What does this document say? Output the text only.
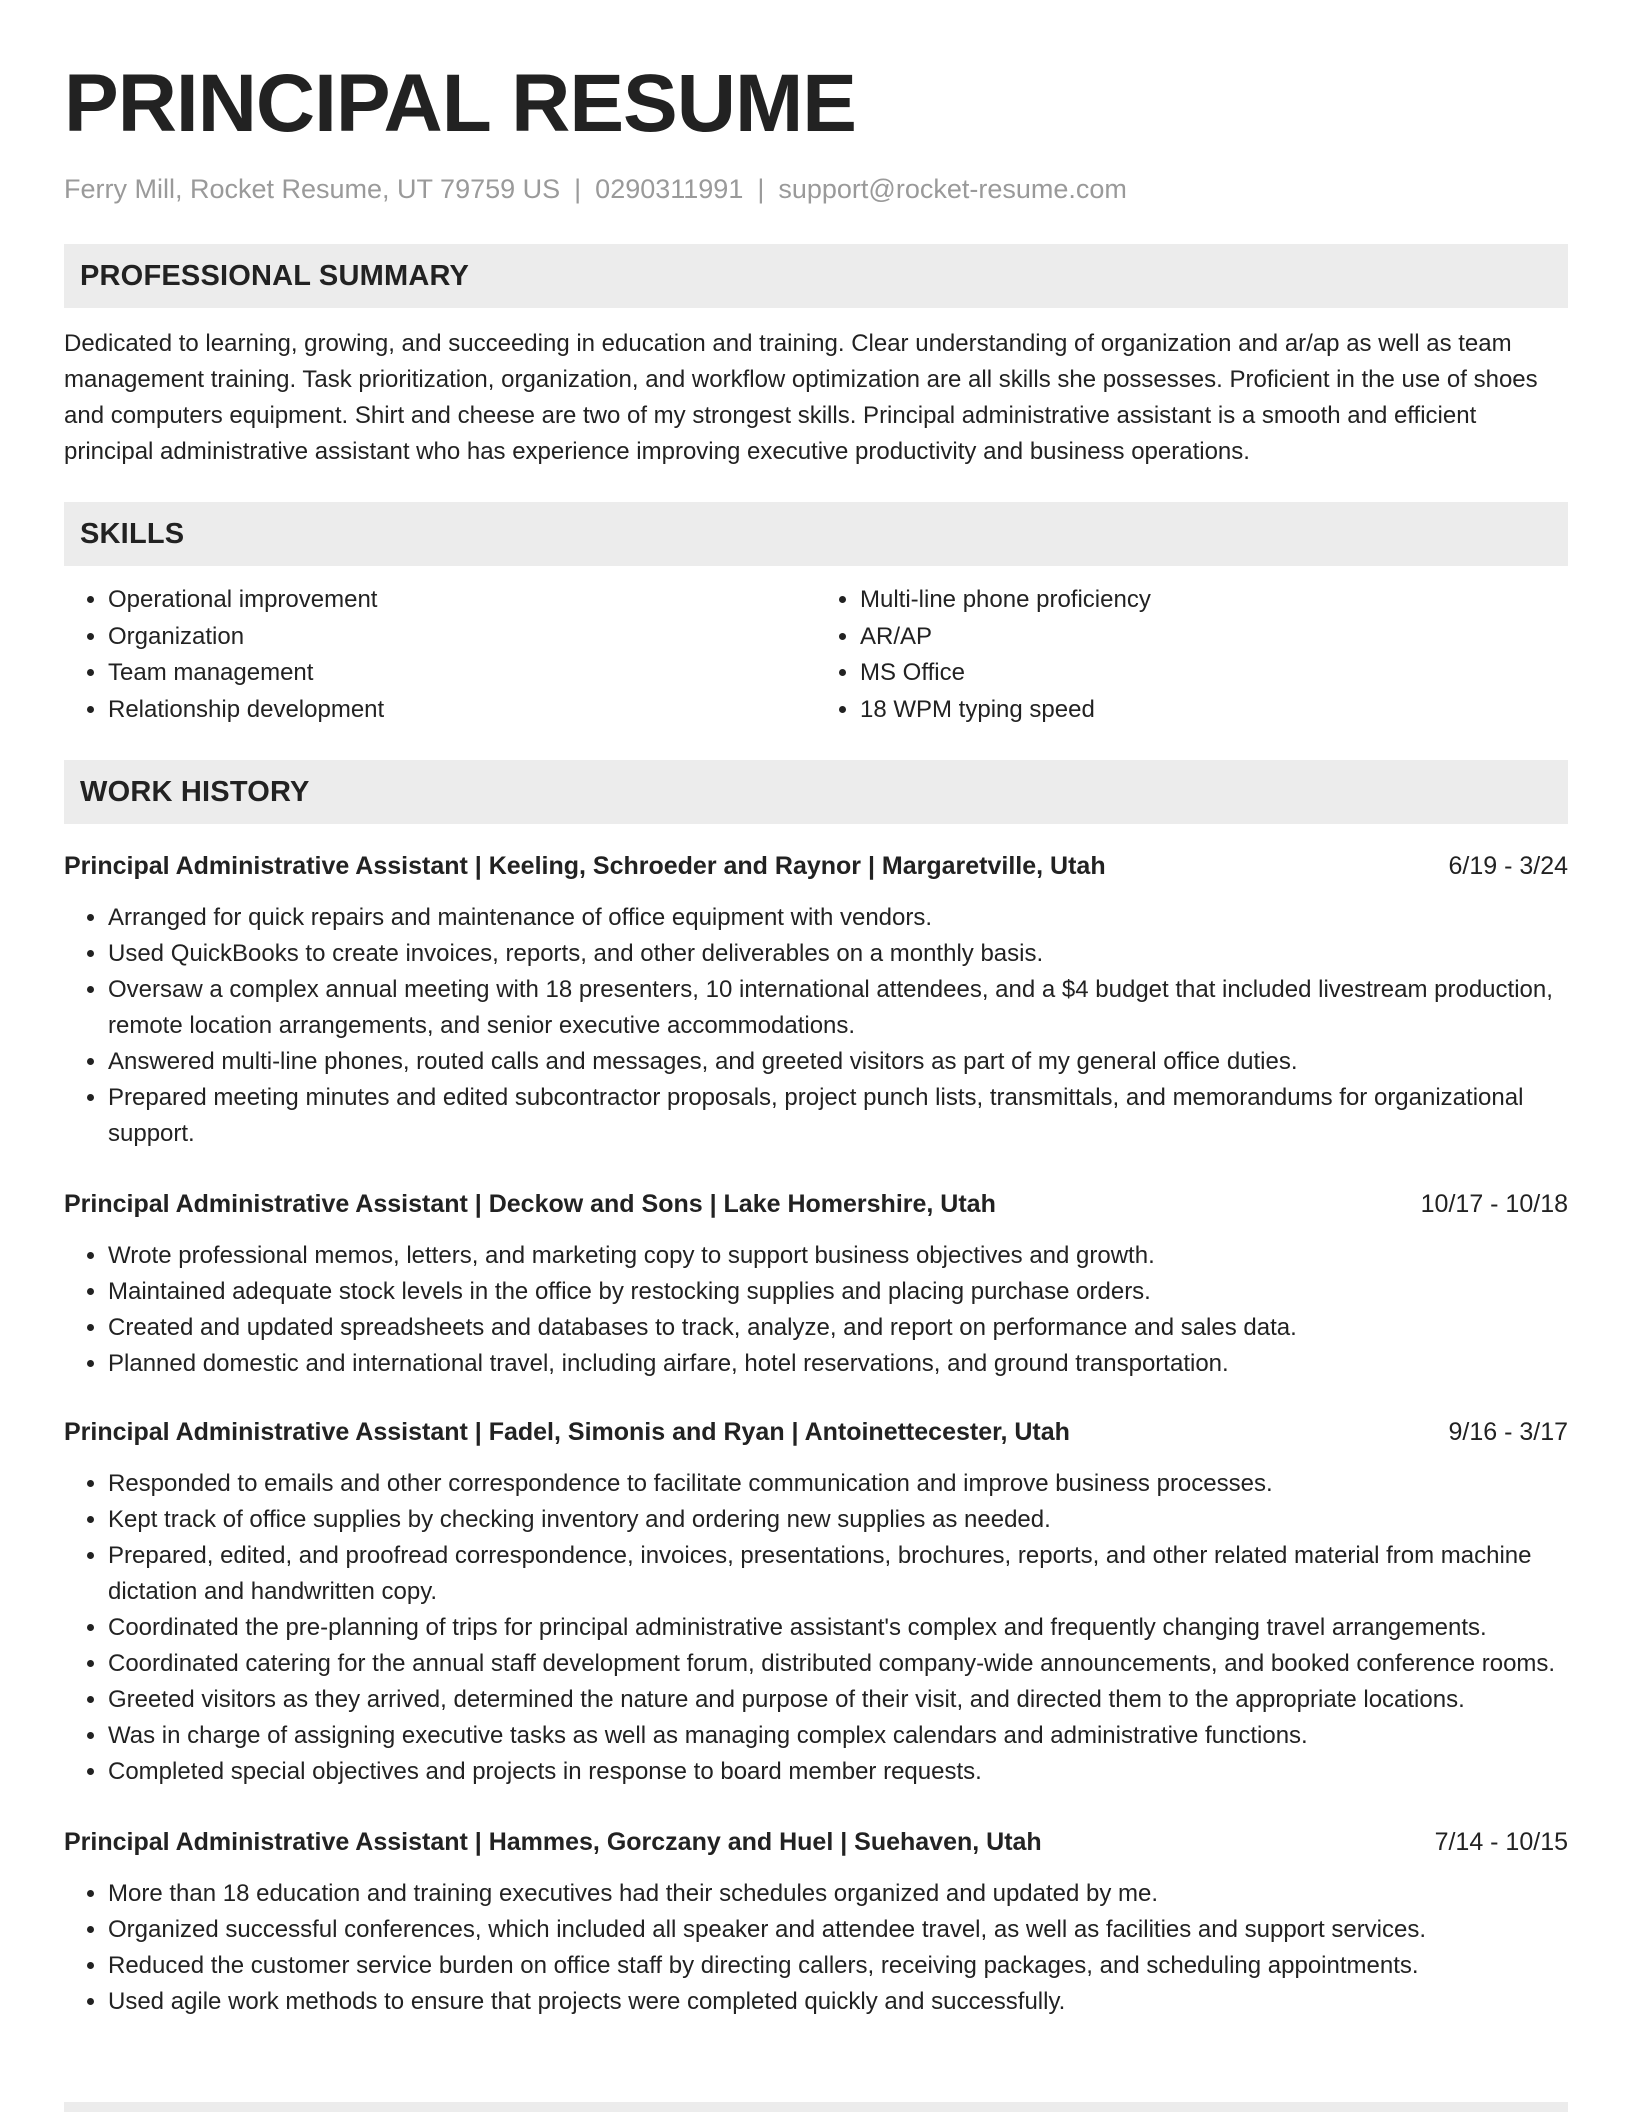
PRINCIPAL RESUME
Ferry Mill, Rocket Resume, UT 79759 US | 0290311991 | support@rocket-resume.com
PROFESSIONAL SUMMARY

Dedicated to learning, growing, and succeeding in education and training. Clear understanding of organization and ar/ap as well as team management training. Task prioritization, organization, and workflow optimization are all skills she possesses. Proficient in the use of shoes and computers equipment. Shirt and cheese are two of my strongest skills. Principal administrative assistant is a smooth and efficient principal administrative assistant who has experience improving executive productivity and business operations.

SKILLS
• Operational improvement
• Organization
• Team management
• Relationship development
• Multi-line phone proficiency
• AR/AP
• MS Office
• 18 WPM typing speed
WORK HISTORY
Principal Administrative Assistant | Keeling, Schroeder and Raynor | Margaretville, Utah	6/19 - 3/24
• Arranged for quick repairs and maintenance of office equipment with vendors.
• Used QuickBooks to create invoices, reports, and other deliverables on a monthly basis.
• Oversaw a complex annual meeting with 18 presenters, 10 international attendees, and a $4 budget that included livestream production, remote location arrangements, and senior executive accommodations.
• Answered multi-line phones, routed calls and messages, and greeted visitors as part of my general office duties.
• Prepared meeting minutes and edited subcontractor proposals, project punch lists, transmittals, and memorandums for organizational support.
Principal Administrative Assistant | Deckow and Sons | Lake Homershire, Utah	10/17 - 10/18
• Wrote professional memos, letters, and marketing copy to support business objectives and growth.
• Maintained adequate stock levels in the office by restocking supplies and placing purchase orders.
• Created and updated spreadsheets and databases to track, analyze, and report on performance and sales data.
• Planned domestic and international travel, including airfare, hotel reservations, and ground transportation.
Principal Administrative Assistant | Fadel, Simonis and Ryan | Antoinettecester, Utah	9/16 - 3/17
• Responded to emails and other correspondence to facilitate communication and improve business processes.
• Kept track of office supplies by checking inventory and ordering new supplies as needed.
• Prepared, edited, and proofread correspondence, invoices, presentations, brochures, reports, and other related material from machine dictation and handwritten copy.
• Coordinated the pre-planning of trips for principal administrative assistant's complex and frequently changing travel arrangements.
• Coordinated catering for the annual staff development forum, distributed company-wide announcements, and booked conference rooms.
• Greeted visitors as they arrived, determined the nature and purpose of their visit, and directed them to the appropriate locations.
• Was in charge of assigning executive tasks as well as managing complex calendars and administrative functions.
• Completed special objectives and projects in response to board member requests.
Principal Administrative Assistant | Hammes, Gorczany and Huel | Suehaven, Utah	7/14 - 10/15
• More than 18 education and training executives had their schedules organized and updated by me.
• Organized successful conferences, which included all speaker and attendee travel, as well as facilities and support services.
• Reduced the customer service burden on office staff by directing callers, receiving packages, and scheduling appointments.
• Used agile work methods to ensure that projects were completed quickly and successfully.
